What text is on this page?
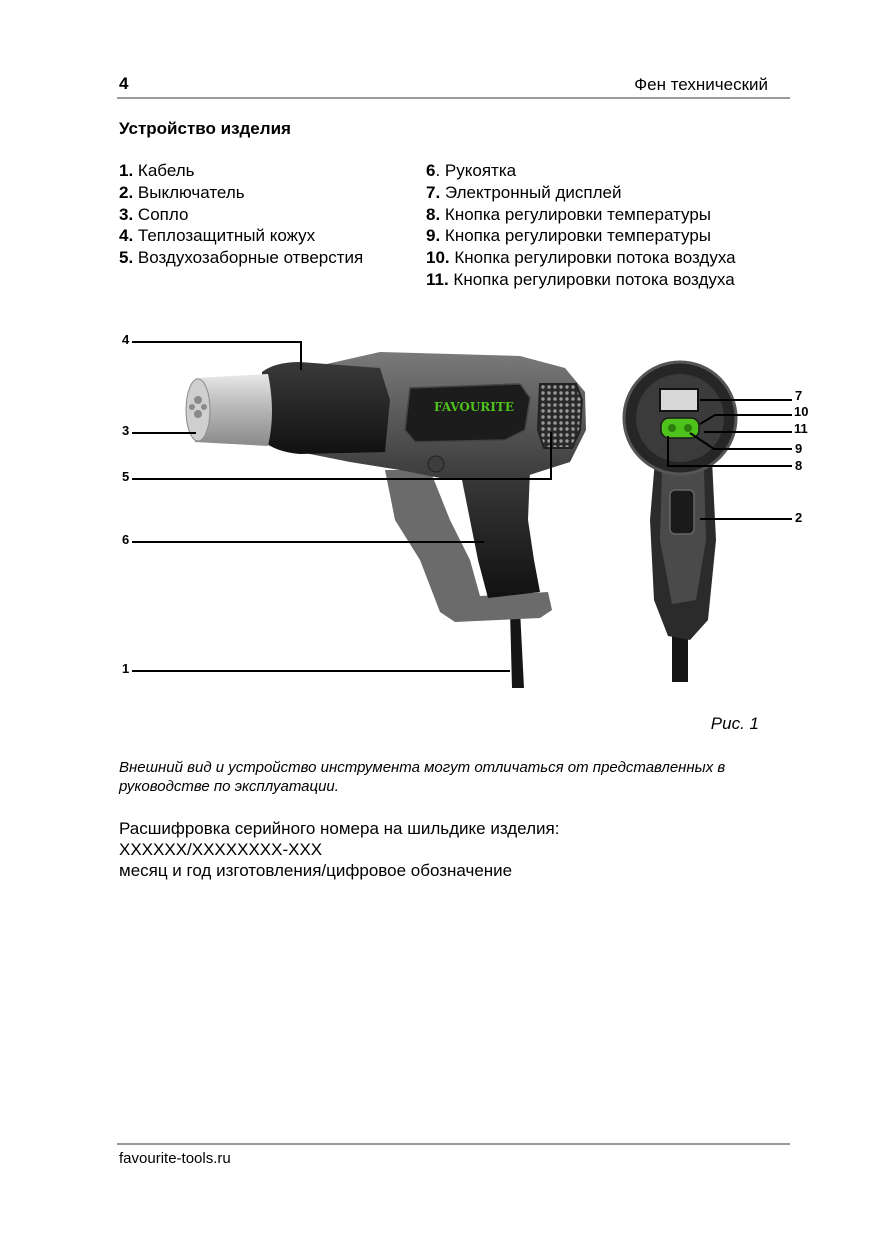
4	Фен технический
Устройство изделия
1. Кабель
2. Выключатель
3. Сопло
4. Теплозащитный кожух
5. Воздухозаборные отверстия
6. Рукоятка
7. Электронный дисплей
8. Кнопка регулировки температуры
9. Кнопка регулировки температуры
10. Кнопка регулировки потока воздуха
11. Кнопка регулировки потока воздуха
FAVOURITE
4
3
5
6
1
7
10
11
9
8
2
Рис. 1
Внешний вид и устройство инструмента могут отличаться от представленных в руководстве по эксплуатации.
Расшифровка серийного номера на шильдике изделия:
XXXXXX/XXXXXXXX-XXX
месяц и год изготовления/цифровое обозначение
favourite-tools.ru
